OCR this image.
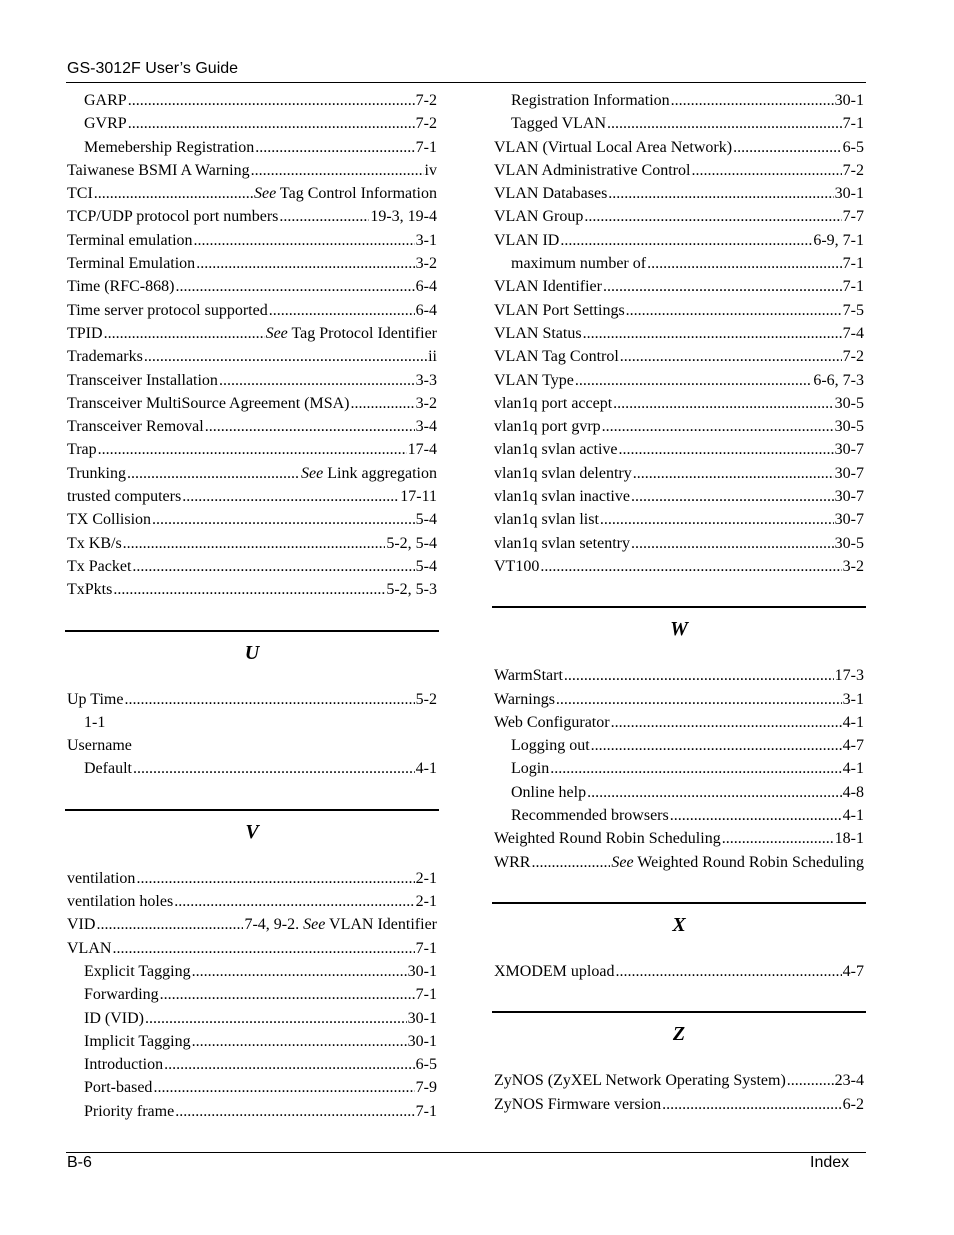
GS-3012F User’s Guide
GARP .....	7-2
GVRP .....	7-2
Memebership Registration .....	7-1
Taiwanese BSMI A Warning .....	iv
TCI .....	See Tag Control Information
TCP/UDP protocol port numbers .....	19-3, 19-4
Terminal emulation .....	3-1
Terminal Emulation .....	3-2
Time (RFC-868) .....	6-4
Time server protocol supported .....	6-4
TPID .....	See Tag Protocol Identifier
Trademarks .....	ii
Transceiver Installation .....	3-3
Transceiver MultiSource Agreement (MSA) .....	3-2
Transceiver Removal .....	3-4
Trap .....	17-4
Trunking .....	See Link aggregation
trusted computers .....	17-11
TX Collision .....	5-4
Tx KB/s .....	5-2, 5-4
Tx Packet .....	5-4
TxPkts .....	5-2, 5-3
U
Up Time .....	5-2
1-1
Username
Default .....	4-1
V
ventilation .....	2-1
ventilation holes .....	2-1
VID .....	7-4, 9-2. See VLAN Identifier
VLAN .....	7-1
Explicit Tagging .....	30-1
Forwarding .....	7-1
ID (VID) .....	30-1
Implicit Tagging .....	30-1
Introduction .....	6-5
Port-based .....	7-9
Priority frame .....	7-1
Registration Information .....	30-1
Tagged VLAN .....	7-1
VLAN (Virtual Local Area Network) .....	6-5
VLAN Administrative Control .....	7-2
VLAN Databases .....	30-1
VLAN Group .....	7-7
VLAN ID .....	6-9, 7-1
maximum number of .....	7-1
VLAN Identifier .....	7-1
VLAN Port Settings .....	7-5
VLAN Status .....	7-4
VLAN Tag Control .....	7-2
VLAN Type .....	6-6, 7-3
vlan1q port accept .....	30-5
vlan1q port gvrp .....	30-5
vlan1q svlan active .....	30-7
vlan1q svlan delentry .....	30-7
vlan1q svlan inactive .....	30-7
vlan1q svlan list .....	30-7
vlan1q svlan setentry .....	30-5
VT100 .....	3-2
W
WarmStart .....	17-3
Warnings .....	3-1
Web Configurator .....	4-1
Logging out .....	4-7
Login .....	4-1
Online help .....	4-8
Recommended browsers .....	4-1
Weighted Round Robin Scheduling .....	18-1
WRR .....	See Weighted Round Robin Scheduling
X
XMODEM upload .....	4-7
Z
ZyNOS (ZyXEL Network Operating System) .....	23-4
ZyNOS Firmware version .....	6-2
B-6	Index
